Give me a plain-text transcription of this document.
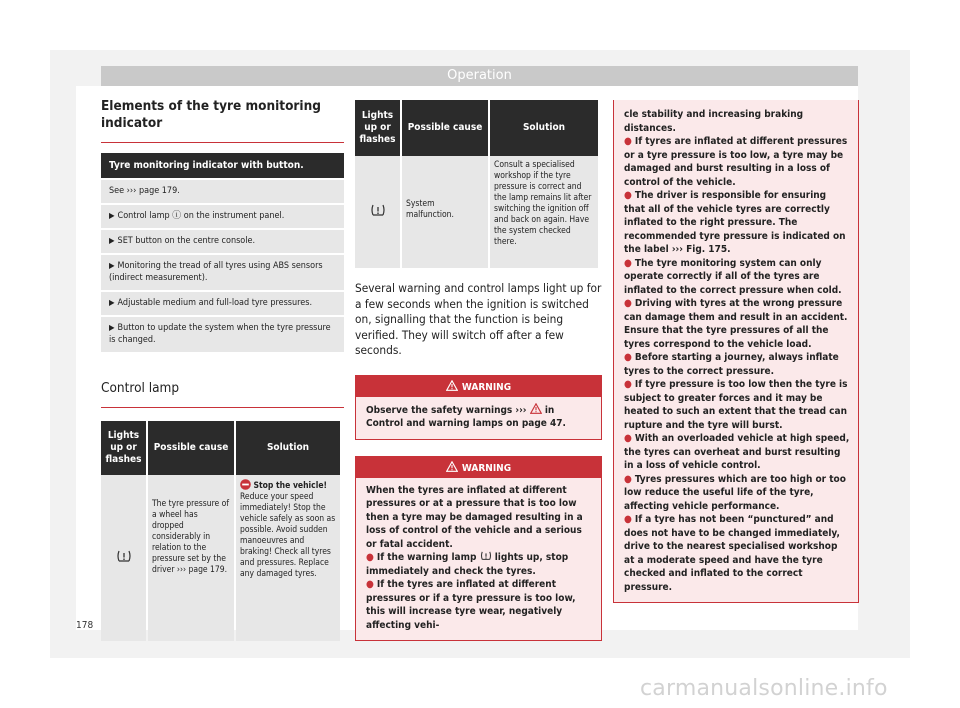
Operation
Elements of the tyre monitoring indicator
Tyre monitoring indicator with button.
See ››› page 179.
▶ Control lamp ⓘ on the instrument panel.
▶ SET button on the centre console.
▶ Monitoring the tread of all tyres using ABS sensors (indirect measurement).
▶ Adjustable medium and full-load tyre pressures.
▶ Button to update the system when the tyre pressure is changed.
Control lamp
Lights up or flashes	Possible cause	Solution
	The tyre pressure of a wheel has dropped considerably in relation to the pressure set by the driver ››› page 179.	Stop the vehicle! Reduce your speed immediately! Stop the vehicle safely as soon as possible. Avoid sudden manoeuvres and braking! Check all tyres and pressures. Replace any damaged tyres.
Lights up or flashes	Possible cause	Solution
	System malfunction.	Consult a specialised workshop if the tyre pressure is correct and the lamp remains lit after switching the ignition off and back on again. Have the system checked there.

Several warning and control lamps light up for a few seconds when the ignition is switched on, signalling that the function is being verified. They will switch off after a few seconds.

WARNING

Observe the safety warnings ››› in Control and warning lamps on page 47.

WARNING

When the tyres are inflated at different pressures or at a pressure that is too low then a tyre may be damaged resulting in a loss of control of the vehicle and a serious or fatal accident.

● If the warning lamp lights up, stop immediately and check the tyres.

● If the tyres are inflated at different pressures or if a tyre pressure is too low, this will increase tyre wear, negatively affecting vehi-

cle stability and increasing braking distances.

● If tyres are inflated at different pressures or a tyre pressure is too low, a tyre may be damaged and burst resulting in a loss of control of the vehicle.

● The driver is responsible for ensuring that all of the vehicle tyres are correctly inflated to the right pressure. The recommended tyre pressure is indicated on the label ››› Fig. 175.

● The tyre monitoring system can only operate correctly if all of the tyres are inflated to the correct pressure when cold.

● Driving with tyres at the wrong pressure can damage them and result in an accident. Ensure that the tyre pressures of all the tyres correspond to the vehicle load.

● Before starting a journey, always inflate tyres to the correct pressure.

● If tyre pressure is too low then the tyre is subject to greater forces and it may be heated to such an extent that the tread can rupture and the tyre will burst.

● With an overloaded vehicle at high speed, the tyres can overheat and burst resulting in a loss of vehicle control.

● Tyres pressures which are too high or too low reduce the useful life of the tyre, affecting vehicle performance.

● If a tyre has not been “punctured” and does not have to be changed immediately, drive to the nearest specialised workshop at a moderate speed and have the tyre checked and inflated to the correct pressure.

178
carmanualsonline.info
